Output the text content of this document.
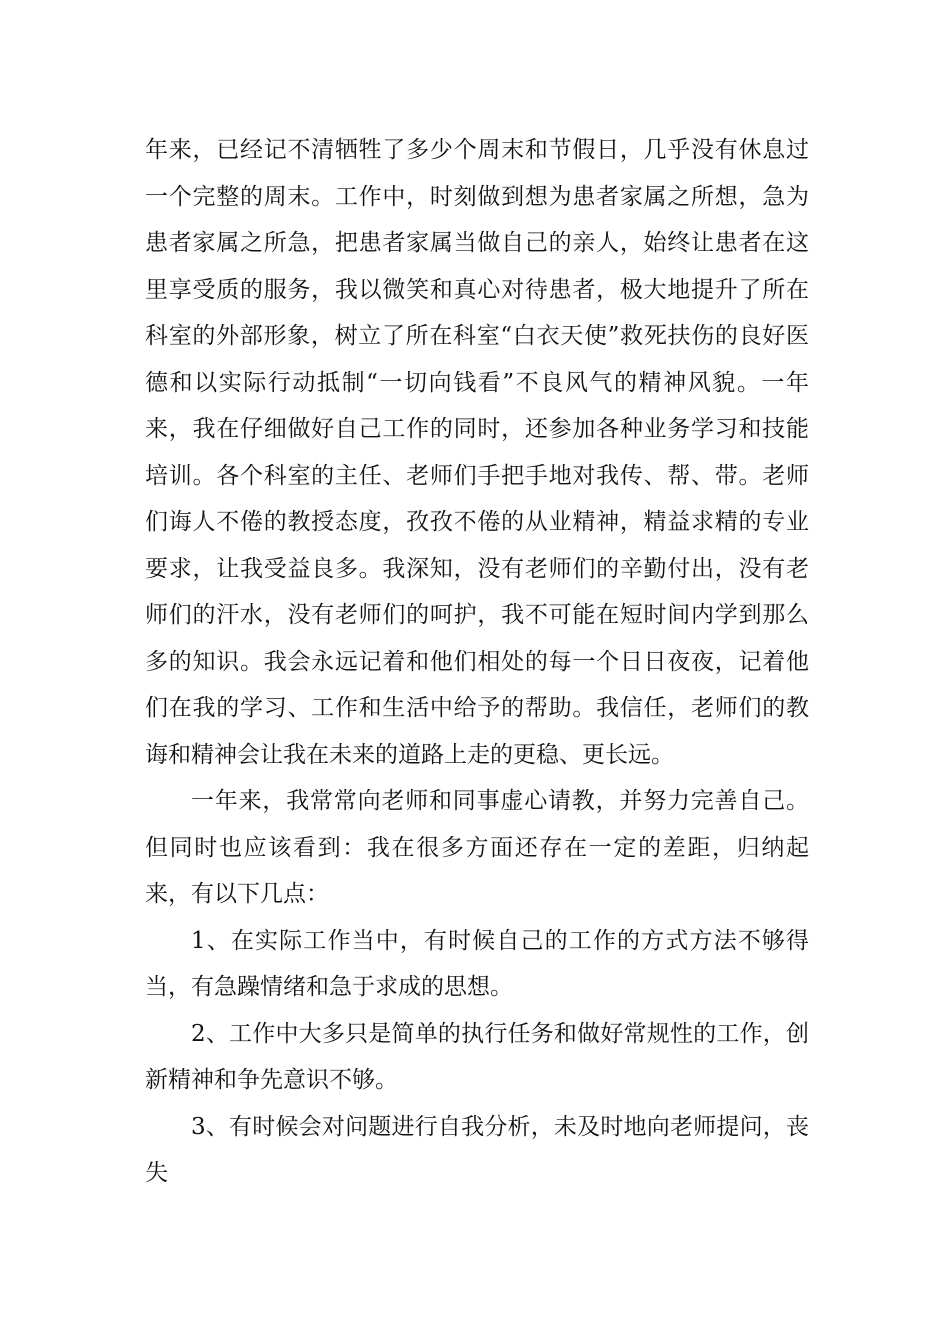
年来，已经记不清牺牲了多少个周末和节假日，几乎没有休息过一个完整的周末。工作中，时刻做到想为患者家属之所想，急为患者家属之所急，把患者家属当做自己的亲人，始终让患者在这里享受质的服务，我以微笑和真心对待患者，极大地提升了所在科室的外部形象，树立了所在科室“白衣天使”救死扶伤的良好医德和以实际行动抵制“一切向钱看”不良风气的精神风貌。一年来，我在仔细做好自己工作的同时，还参加各种业务学习和技能培训。各个科室的主任、老师们手把手地对我传、帮、带。老师们诲人不倦的教授态度，孜孜不倦的从业精神，精益求精的专业要求，让我受益良多。我深知，没有老师们的辛勤付出，没有老师们的汗水，没有老师们的呵护，我不可能在短时间内学到那么多的知识。我会永远记着和他们相处的每一个日日夜夜，记着他们在我的学习、工作和生活中给予的帮助。我信任，老师们的教诲和精神会让我在未来的道路上走的更稳、更长远。

一年来，我常常向老师和同事虚心请教，并努力完善自己。但同时也应该看到：我在很多方面还存在一定的差距，归纳起来，有以下几点：

1、在实际工作当中，有时候自己的工作的方式方法不够得当，有急躁情绪和急于求成的思想。

2、工作中大多只是简单的执行任务和做好常规性的工作，创新精神和争先意识不够。

3、有时候会对问题进行自我分析，未及时地向老师提问，丧失
